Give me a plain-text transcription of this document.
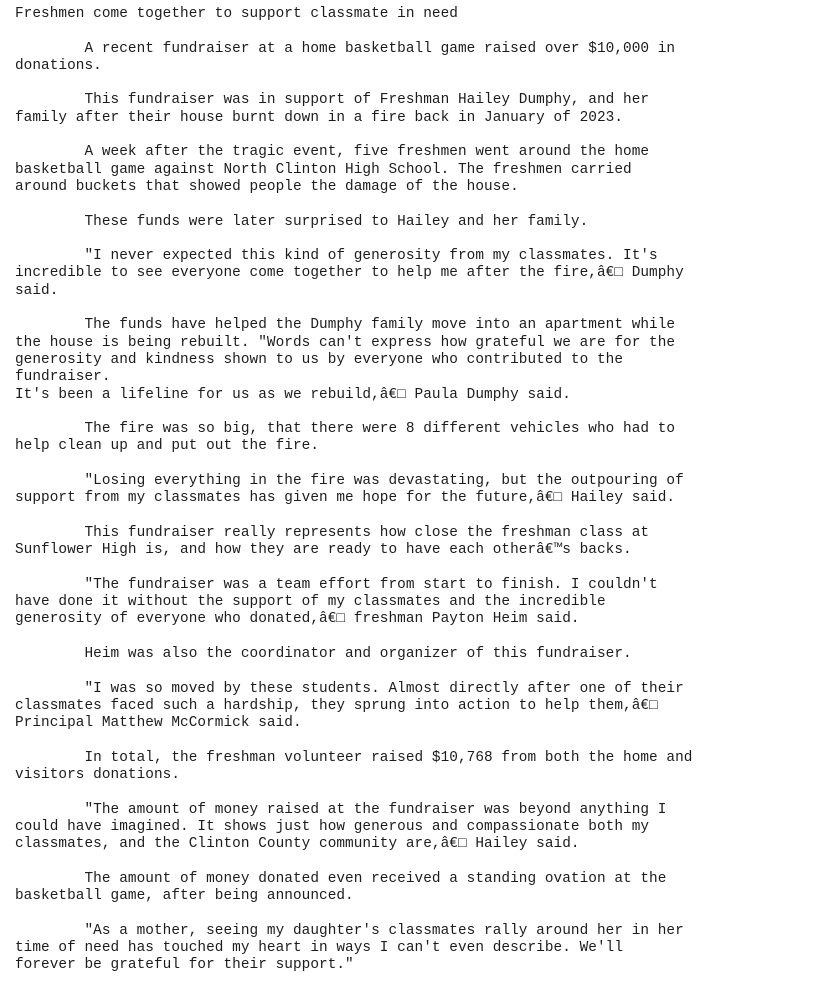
Freshmen come together to support classmate in need
A recent fundraiser at a home basketball game raised over $10,000 in
donations.
This fundraiser was in support of Freshman Hailey Dumphy, and her
family after their house burnt down in a fire back in January of 2023.
A week after the tragic event, five freshmen went around the home
basketball game against North Clinton High School. The freshmen carried
around buckets that showed people the damage of the house.
These funds were later surprised to Hailey and her family.
"I never expected this kind of generosity from my classmates. It's
incredible to see everyone come together to help me after the fire,â€□ Dumphy
said.
The funds have helped the Dumphy family move into an apartment while
the house is being rebuilt. "Words can't express how grateful we are for the
generosity and kindness shown to us by everyone who contributed to the
fundraiser.
It's been a lifeline for us as we rebuild,â€□ Paula Dumphy said.
The fire was so big, that there were 8 different vehicles who had to
help clean up and put out the fire.
"Losing everything in the fire was devastating, but the outpouring of
support from my classmates has given me hope for the future,â€□ Hailey said.
This fundraiser really represents how close the freshman class at
Sunflower High is, and how they are ready to have each otherâ€™s backs.
"The fundraiser was a team effort from start to finish. I couldn't
have done it without the support of my classmates and the incredible
generosity of everyone who donated,â€□ freshman Payton Heim said.
Heim was also the coordinator and organizer of this fundraiser.
"I was so moved by these students. Almost directly after one of their
classmates faced such a hardship, they sprung into action to help them,â€□
Principal Matthew McCormick said.
In total, the freshman volunteer raised $10,768 from both the home and
visitors donations.
"The amount of money raised at the fundraiser was beyond anything I
could have imagined. It shows just how generous and compassionate both my
classmates, and the Clinton County community are,â€□ Hailey said.
The amount of money donated even received a standing ovation at the
basketball game, after being announced.
"As a mother, seeing my daughter's classmates rally around her in her
time of need has touched my heart in ways I can't even describe. We'll
forever be grateful for their support."
